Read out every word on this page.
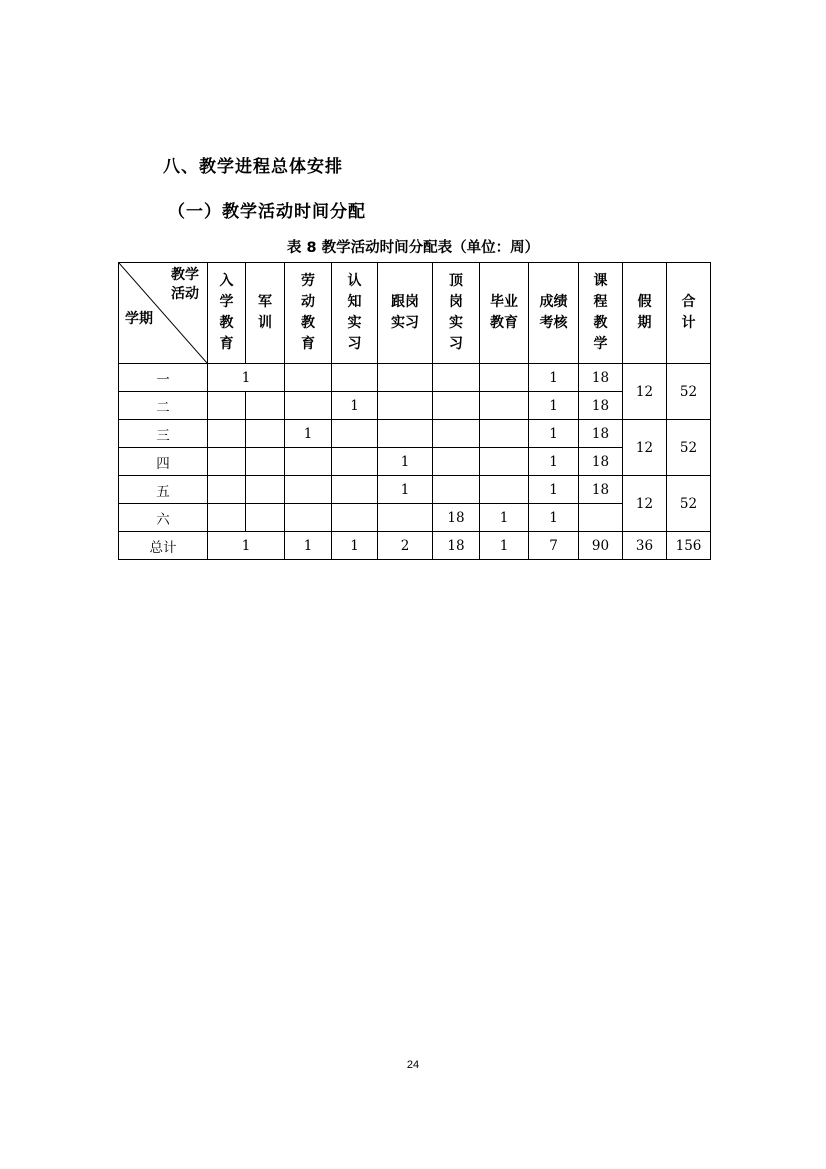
八、教学进程总体安排
（一）教学活动时间分配
表 8 教学活动时间分配表（单位：周）
教学
活动
学期	入学教育	军训	劳动教育	认知实习	跟岗实习	顶岗实习	毕业教育	成绩考核	课程教学	假期	合计
一	1							1	18	12	52
二				1				1	18		
三			1					1	18	12	52
四					1			1	18		
五					1			1	18	12	52
六						18	1	1			
总计	1		1	1	2	18	1	7	90	36	156
24
